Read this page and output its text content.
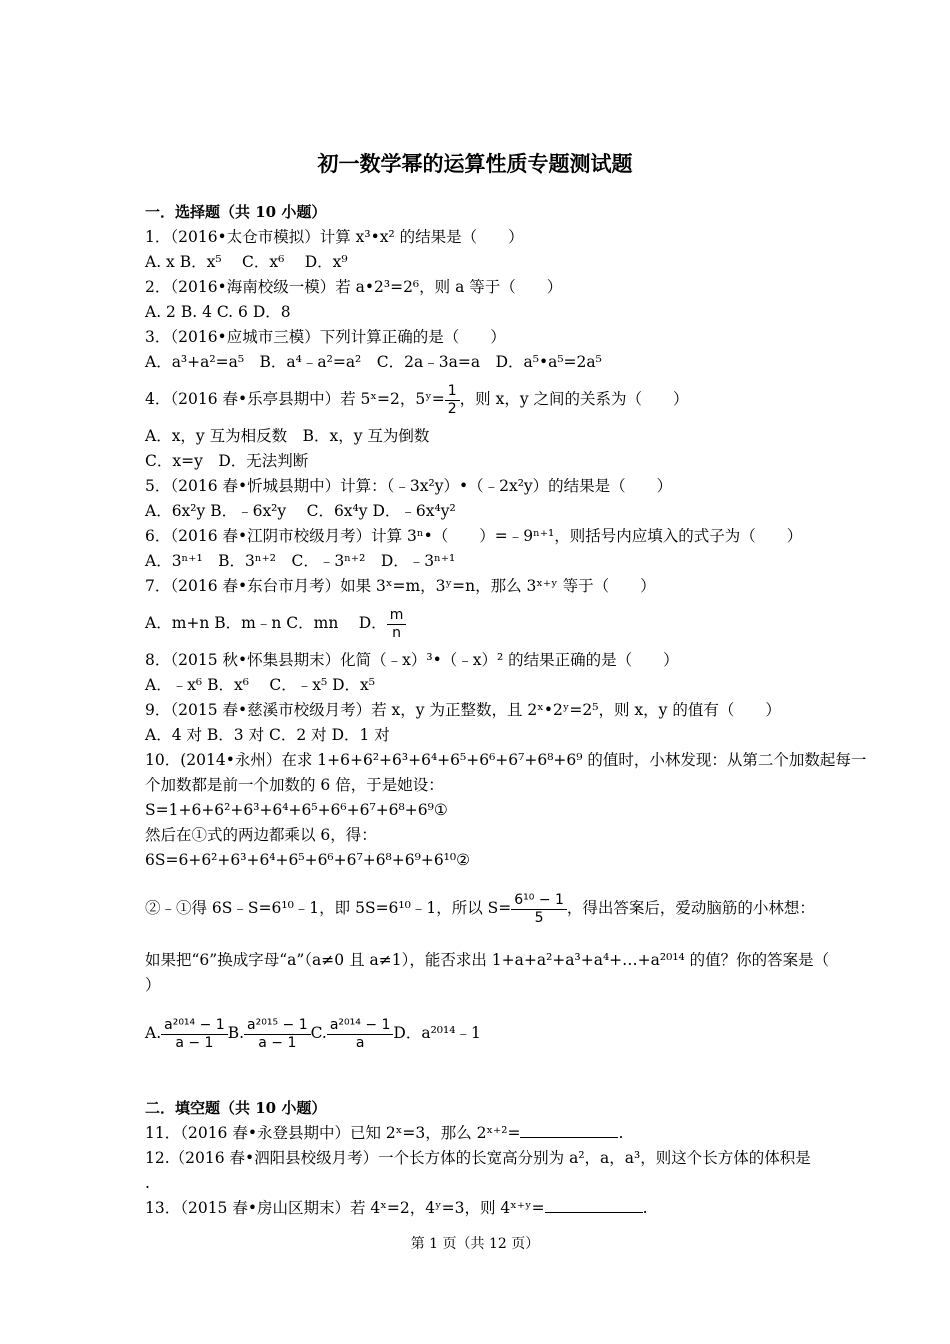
初一数学幂的运算性质专题测试题
一．选择题（共 10 小题）
1．（2016•太仓市模拟）计算 x³•x² 的结果是（　　）
A. x B．x⁵　 C．x⁶　 D．x⁹
2．（2016•海南校级一模）若 a•2³=2⁶，则 a 等于（　　）
A. 2 B. 4 C. 6 D．8
3．（2016•应城市三模）下列计算正确的是（　　）
A．a³+a²=a⁵　B．a⁴﹣a²=a²　C．2a﹣3a=a　D．a⁵•a⁵=2a⁵
4．（2016 春•乐亭县期中）若 5ˣ=2，5ʸ= $\frac{1}{2}$ ，则 x，y 之间的关系为（　　）
A．x，y 互为相反数　B．x，y 互为倒数
C．x=y　D．无法判断
5．（2016 春•忻城县期中）计算：（﹣3x²y）•（﹣2x²y）的结果是（　　）
A．6x²y B．﹣6x²y　 C．6x⁴y D．﹣6x⁴y²
6．（2016 春•江阴市校级月考）计算 3ⁿ•（　　）=﹣9ⁿ⁺¹，则括号内应填入的式子为（　　）
A．3ⁿ⁺¹　B．3ⁿ⁺²　C．﹣3ⁿ⁺²　D．﹣3ⁿ⁺¹
7．（2016 春•东台市月考）如果 3ˣ=m，3ʸ=n，那么 3ˣ⁺ʸ 等于（　　）
A．m+n B．m﹣n C．mn　 D． $\frac{m}{n}$
8．（2015 秋•怀集县期末）化简（﹣x）³•（﹣x）² 的结果正确的是（　　）
A．﹣x⁶ B．x⁶　 C．﹣x⁵ D．x⁵
9．（2015 春•慈溪市校级月考）若 x，y 为正整数，且 2ˣ•2ʸ=2⁵，则 x，y 的值有（　　）
A．4 对 B．3 对 C．2 对 D．1 对
10．(2014•永州）在求 1+6+6²+6³+6⁴+6⁵+6⁶+6⁷+6⁸+6⁹ 的值时，小林发现：从第二个加数起每一
个加数都是前一个加数的 6 倍，于是她设：
S=1+6+6²+6³+6⁴+6⁵+6⁶+6⁷+6⁸+6⁹①
然后在①式的两边都乘以 6，得：
6S=6+6²+6³+6⁴+6⁵+6⁶+6⁷+6⁸+6⁹+6¹⁰②
②﹣①得 6S﹣S=6¹⁰﹣1，即 5S=6¹⁰﹣1，所以 $S= \frac{\text{6¹⁰ − 1}}{5}$ ，得出答案后，爱动脑筋的小林想：
如果把“6”换成字母“a”（a≠0 且 a≠1），能否求出 1+a+a²+a³+a⁴+…+a²⁰¹⁴ 的值？你的答案是（
）
A. $\frac{\text{a²⁰¹⁴ − 1}}{a - 1} B$. $\frac{\text{a²⁰¹⁵ − 1}}{a - 1} C$. $\frac{\text{a²⁰¹⁴ − 1}}{a}$ D．a²⁰¹⁴﹣1
二．填空题（共 10 小题）
11．（2016 春•永登县期中）已知 2ˣ=3，那么 2ˣ⁺²=	.
12.（2016 春•泗阳县校级月考）一个长方体的长宽高分别为 a²，a，a³，则这个长方体的体积是
.
13．（2015 春•房山区期末）若 4ˣ=2，4ʸ=3，则 4ˣ⁺ʸ=	.
第 1 页（共 12 页）
